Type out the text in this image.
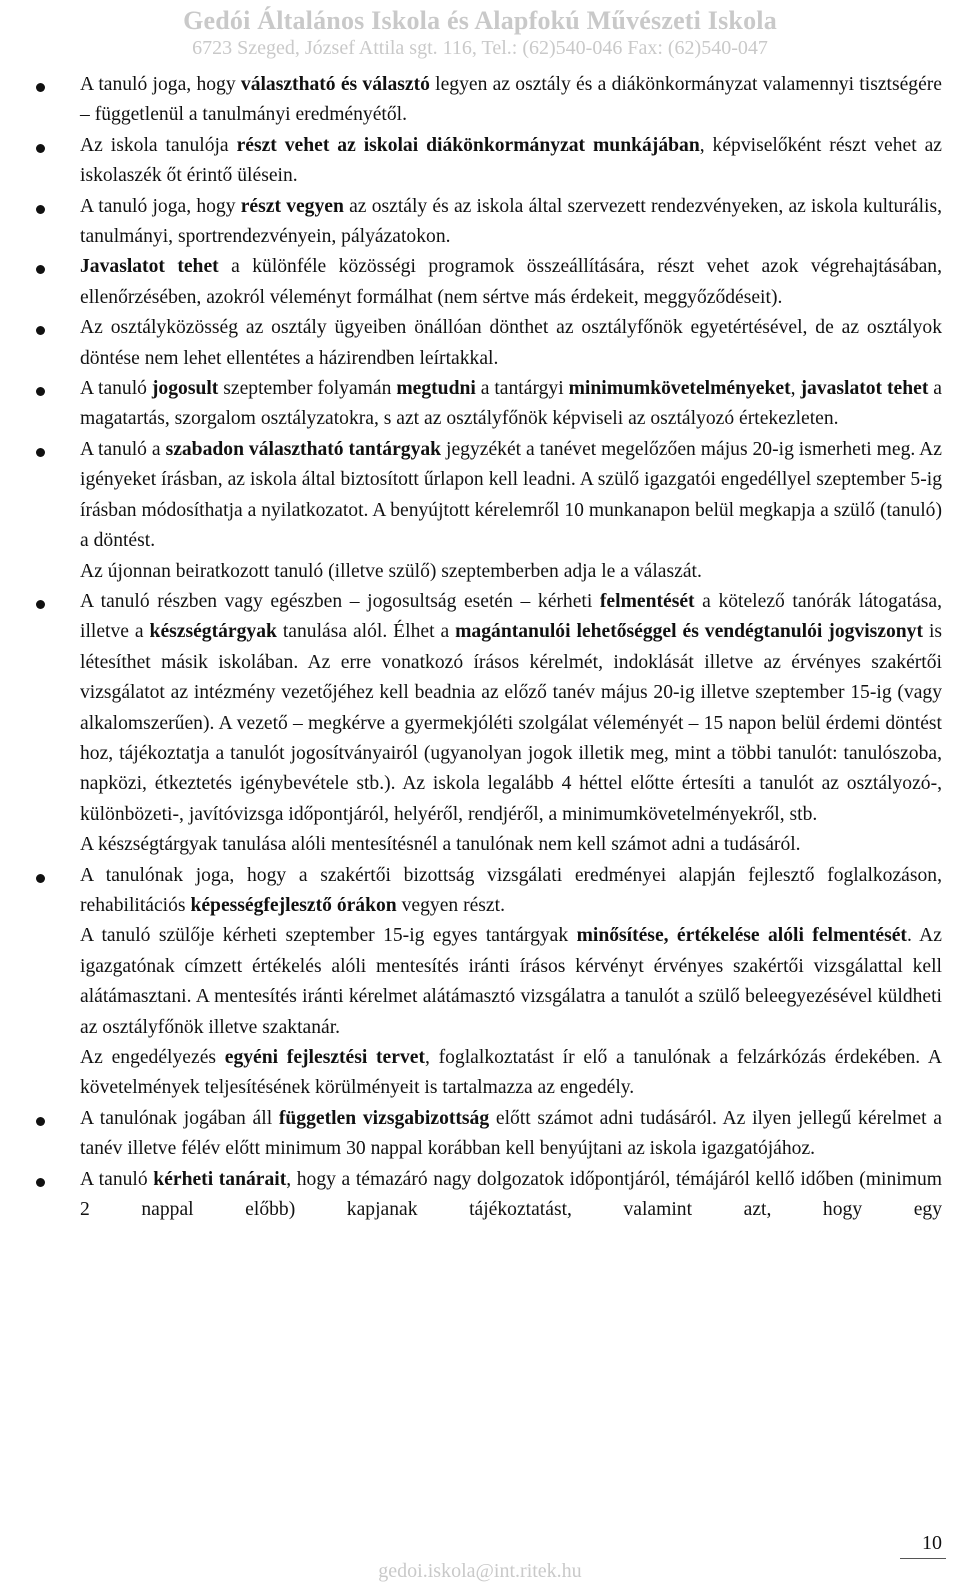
Gedói Általános Iskola és Alapfokú Művészeti Iskola
6723 Szeged, József Attila sgt. 116, Tel.: (62)540-046 Fax: (62)540-047
A tanuló joga, hogy választható és választó legyen az osztály és a diákönkormányzat valamennyi tisztségére – függetlenül a tanulmányi eredményétől.
Az iskola tanulója részt vehet az iskolai diákönkormányzat munkájában, képviselőként részt vehet az iskolaszék őt érintő ülésein.
A tanuló joga, hogy részt vegyen az osztály és az iskola által szervezett rendezvényeken, az iskola kulturális, tanulmányi, sportrendezvényein, pályázatokon.
Javaslatot tehet a különféle közösségi programok összeállítására, részt vehet azok végrehajtásában, ellenőrzésében, azokról véleményt formálhat (nem sértve más érdekeit, meggyőződéseit).
Az osztályközösség az osztály ügyeiben önállóan dönthet az osztályfőnök egyetértésével, de az osztályok döntése nem lehet ellentétes a házirendben leírtakkal.
A tanuló jogosult szeptember folyamán megtudni a tantárgyi minimumkövetelményeket, javaslatot tehet a magatartás, szorgalom osztályzatokra, s azt az osztályfőnök képviseli az osztályozó értekezleten.
A tanuló a szabadon választható tantárgyak jegyzékét a tanévet megelőzően május 20-ig ismerheti meg. Az igényeket írásban, az iskola által biztosított űrlapon kell leadni. A szülő igazgatói engedéllyel szeptember 5-ig írásban módosíthatja a nyilatkozatot. A benyújtott kérelemről 10 munkanapon belül megkapja a szülő (tanuló) a döntést.
Az újonnan beiratkozott tanuló (illetve szülő) szeptemberben adja le a válaszát.
A tanuló részben vagy egészben – jogosultság esetén – kérheti felmentését a kötelező tanórák látogatása, illetve a készségtárgyak tanulása alól. Élhet a magántanulói lehetőséggel és vendégtanulói jogviszonyt is létesíthet másik iskolában. Az erre vonatkozó írásos kérelmét, indoklását illetve az érvényes szakértői vizsgálatot az intézmény vezetőjéhez kell beadnia az előző tanév május 20-ig illetve szeptember 15-ig (vagy alkalomszerűen). A vezető – megkérve a gyermekjóléti szolgálat véleményét – 15 napon belül érdemi döntést hoz, tájékoztatja a tanulót jogosítványairól (ugyanolyan jogok illetik meg, mint a többi tanulót: tanulószoba, napközi, étkeztetés igénybevétele stb.). Az iskola legalább 4 héttel előtte értesíti a tanulót az osztályozó-, különbözeti-, javítóvizsga időpontjáról, helyéről, rendjéről, a minimumkövetelményekről, stb.
A készségtárgyak tanulása alóli mentesítésnél a tanulónak nem kell számot adni a tudásáról.
A tanulónak joga, hogy a szakértői bizottság vizsgálati eredményei alapján fejlesztő foglalkozáson, rehabilitációs képességfejlesztő órákon vegyen részt.
A tanuló szülője kérheti szeptember 15-ig egyes tantárgyak minősítése, értékelése alóli felmentését. Az igazgatónak címzett értékelés alóli mentesítés iránti írásos kérvényt érvényes szakértői vizsgálattal kell alátámasztani. A mentesítés iránti kérelmet alátámasztó vizsgálatra a tanulót a szülő beleegyezésével küldheti az osztályfőnök illetve szaktanár.
Az engedélyezés egyéni fejlesztési tervet, foglalkoztatást ír elő a tanulónak a felzárkózás érdekében. A követelmények teljesítésének körülményeit is tartalmazza az engedély.
A tanulónak jogában áll független vizsgabizottság előtt számot adni tudásáról. Az ilyen jellegű kérelmet a tanév illetve félév előtt minimum 30 nappal korábban kell benyújtani az iskola igazgatójához.
A tanuló kérheti tanárait, hogy a témazáró nagy dolgozatok időpontjáról, témájáról kellő időben (minimum 2 nappal előbb) kapjanak tájékoztatást, valamint azt, hogy egy
10
gedoi.iskola@int.ritek.hu
